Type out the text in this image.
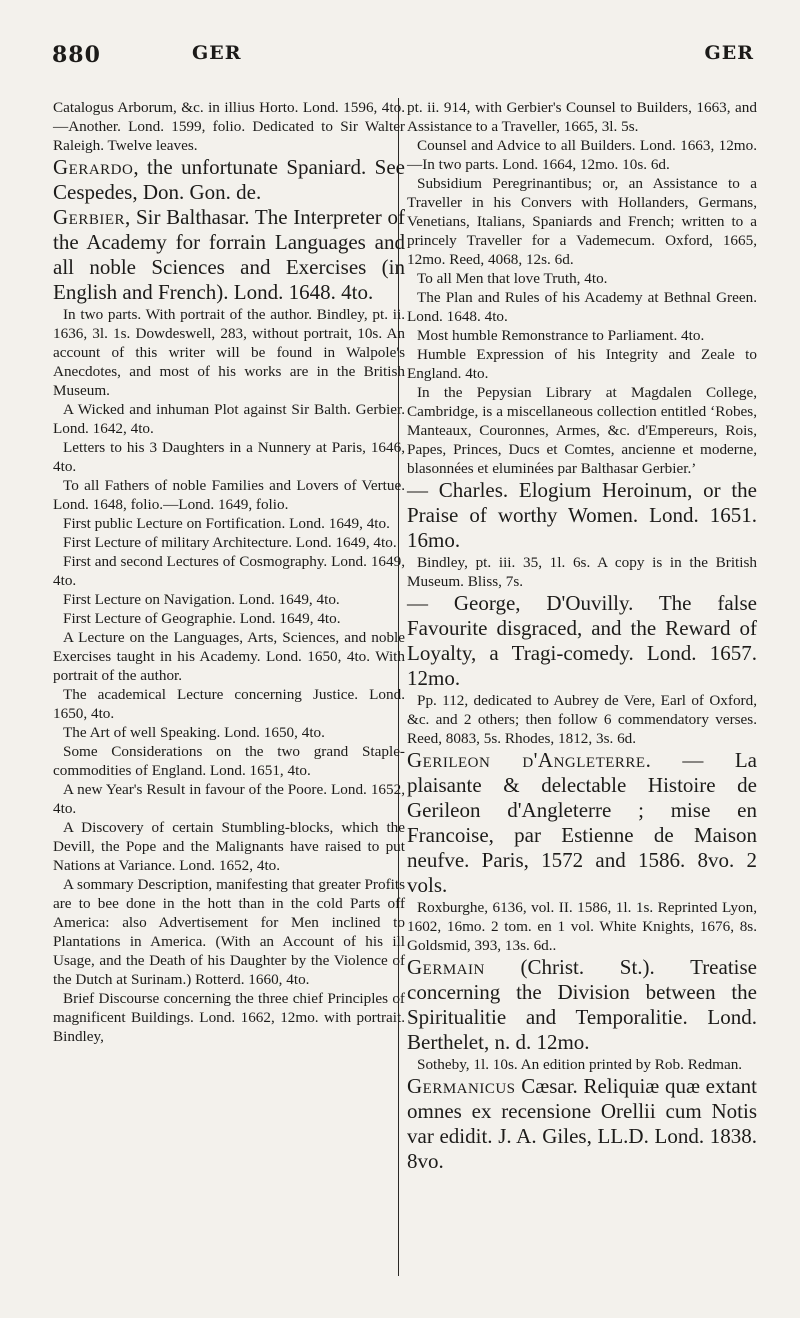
880	GER	GER

Catalogus Arborum, &c. in illius Horto. Lond. 1596, 4to.—Another. Lond. 1599, folio. Dedicated to Sir Walter Raleigh. Twelve leaves.

Gerardo, the unfortunate Spaniard. See Cespedes, Don. Gon. de.

Gerbier, Sir Balthasar. The Interpreter of the Academy for forrain Languages and all noble Sciences and Exercises (in English and French). Lond. 1648. 4to.

In two parts. With portrait of the author. Bindley, pt. ii. 1636, 3l. 1s. Dowdeswell, 283, without portrait, 10s. An account of this writer will be found in Walpole's Anecdotes, and most of his works are in the British Museum.

A Wicked and inhuman Plot against Sir Balth. Gerbier. Lond. 1642, 4to.

Letters to his 3 Daughters in a Nunnery at Paris, 1646, 4to.

To all Fathers of noble Families and Lovers of Vertue. Lond. 1648, folio.—Lond. 1649, folio.

First public Lecture on Fortification. Lond. 1649, 4to.

First Lecture of military Architecture. Lond. 1649, 4to.

First and second Lectures of Cosmography. Lond. 1649, 4to.

First Lecture on Navigation. Lond. 1649, 4to.

First Lecture of Geographie. Lond. 1649, 4to.

A Lecture on the Languages, Arts, Sciences, and noble Exercises taught in his Academy. Lond. 1650, 4to. With portrait of the author.

The academical Lecture concerning Justice. Lond. 1650, 4to.

The Art of well Speaking. Lond. 1650, 4to.

Some Considerations on the two grand Staple-commodities of England. Lond. 1651, 4to.

A new Year's Result in favour of the Poore. Lond. 1652, 4to.

A Discovery of certain Stumbling-blocks, which the Devill, the Pope and the Malignants have raised to put Nations at Variance. Lond. 1652, 4to.

A sommary Description, manifesting that greater Profits are to bee done in the hott than in the cold Parts off America: also Advertisement for Men inclined to Plantations in America. (With an Account of his ill Usage, and the Death of his Daughter by the Violence of the Dutch at Surinam.) Rotterd. 1660, 4to.

Brief Discourse concerning the three chief Principles of magnificent Buildings. Lond. 1662, 12mo. with portrait. Bindley,

pt. ii. 914, with Gerbier's Counsel to Builders, 1663, and Assistance to a Traveller, 1665, 3l. 5s.

Counsel and Advice to all Builders. Lond. 1663, 12mo.—In two parts. Lond. 1664, 12mo. 10s. 6d.

Subsidium Peregrinantibus; or, an Assistance to a Traveller in his Convers with Hollanders, Germans, Venetians, Italians, Spaniards and French; written to a princely Traveller for a Vademecum. Oxford, 1665, 12mo. Reed, 4068, 12s. 6d.

To all Men that love Truth, 4to.

The Plan and Rules of his Academy at Bethnal Green. Lond. 1648. 4to.

Most humble Remonstrance to Parliament. 4to.

Humble Expression of his Integrity and Zeale to England. 4to.

In the Pepysian Library at Magdalen College, Cambridge, is a miscellaneous collection entitled ‘Robes, Manteaux, Couronnes, Armes, &c. d'Empereurs, Rois, Papes, Princes, Ducs et Comtes, ancienne et moderne, blasonnées et eluminées par Balthasar Gerbier.’

— Charles. Elogium Heroinum, or the Praise of worthy Women. Lond. 1651. 16mo.

Bindley, pt. iii. 35, 1l. 6s. A copy is in the British Museum. Bliss, 7s.

— George, D'Ouvilly. The false Favourite disgraced, and the Reward of Loyalty, a Tragi-comedy. Lond. 1657. 12mo.

Pp. 112, dedicated to Aubrey de Vere, Earl of Oxford, &c. and 2 others; then follow 6 commendatory verses. Reed, 8083, 5s. Rhodes, 1812, 3s. 6d.

Gerileon d'Angleterre. — La plaisante & delectable Histoire de Gerileon d'Angleterre ; mise en Francoise, par Estienne de Maison neufve. Paris, 1572 and 1586. 8vo. 2 vols.

Roxburghe, 6136, vol. II. 1586, 1l. 1s. Reprinted Lyon, 1602, 16mo. 2 tom. en 1 vol. White Knights, 1676, 8s. Goldsmid, 393, 13s. 6d..

Germain (Christ. St.). Treatise concerning the Division between the Spiritualitie and Temporalitie. Lond. Berthelet, n. d. 12mo.

Sotheby, 1l. 10s. An edition printed by Rob. Redman.

Germanicus Cæsar. Reliquiæ quæ extant omnes ex recensione Orellii cum Notis var edidit. J. A. Giles, LL.D. Lond. 1838. 8vo.
